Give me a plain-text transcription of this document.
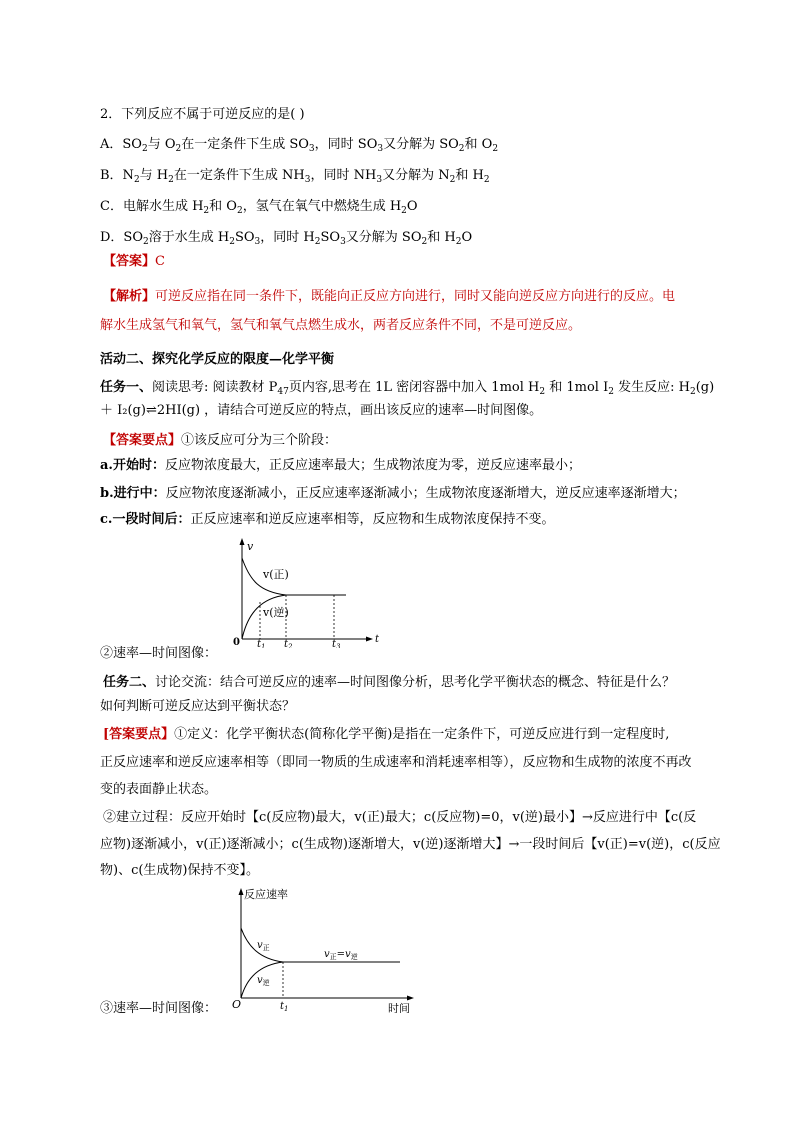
2．下列反应不属于可逆反应的是( )
A．$SO_2$与 $O_2$在一定条件下生成 $SO_3$，同时 $SO_3$又分解为 $SO_2$和 $O_2$
B．$N_2$与 $H_2$在一定条件下生成 $NH_3$，同时 $NH_3$又分解为 $N_2$和 $H_2$
C．电解水生成 $H_2$和 $O_2$，氢气在氧气中燃烧生成 $H_2O$
D．$SO_2$溶于水生成 $H_2SO_3$，同时 $H_2SO_3$又分解为 $SO_2$和 $H_2O$
【答案】C
【解析】可逆反应指在同一条件下，既能向正反应方向进行，同时又能向逆反应方向进行的反应。电
解水生成氢气和氧气，氢气和氧气点燃生成水，两者反应条件不同，不是可逆反应。
活动二、探究化学反应的限度—化学平衡
任务一、阅读思考: 阅读教材 $P_{47}$页内容,思考在 1L 密闭容器中加入 1mol $H_2$ 和 1mol $I_2$ 发生反应: $H_2(g)$
＋ I₂(g)⇌2HI(g) ，请结合可逆反应的特点，画出该反应的速率—时间图像。
【答案要点】①该反应可分为三个阶段：
a.开始时：反应物浓度最大，正反应速率最大；生成物浓度为零，逆反应速率最小；
b.进行中：反应物浓度逐渐减小，正反应速率逐渐减小；生成物浓度逐渐增大，逆反应速率逐渐增大；
c.一段时间后：正反应速率和逆反应速率相等，反应物和生成物浓度保持不变。
v
t
0
v(正)
v(逆)
$t_1$ $t_2$	$t_3$
②速率—时间图像：
任务二、讨论交流：结合可逆反应的速率—时间图像分析，思考化学平衡状态的概念、特征是什么？
如何判断可逆反应达到平衡状态？
[答案要点】①定义：化学平衡状态(简称化学平衡)是指在一定条件下，可逆反应进行到一定程度时,
正反应速率和逆反应速率相等（即同一物质的生成速率和消耗速率相等），反应物和生成物的浓度不再改
变的表面静止状态。
②建立过程：反应开始时【c(反应物)最大，v(正)最大；c(反应物)=0，v(逆)最小】→反应进行中【c(反
应物)逐渐减小，v(正)逐渐减小；c(生成物)逐渐增大，v(逆)逐渐增大】→一段时间后【v(正)=v(逆)，c(反应
物)、c(生成物)保持不变】。
反应速率
时间
O
$v_正$
$v_逆$
$v_正=v_逆$
$t_1$
③速率—时间图像：
